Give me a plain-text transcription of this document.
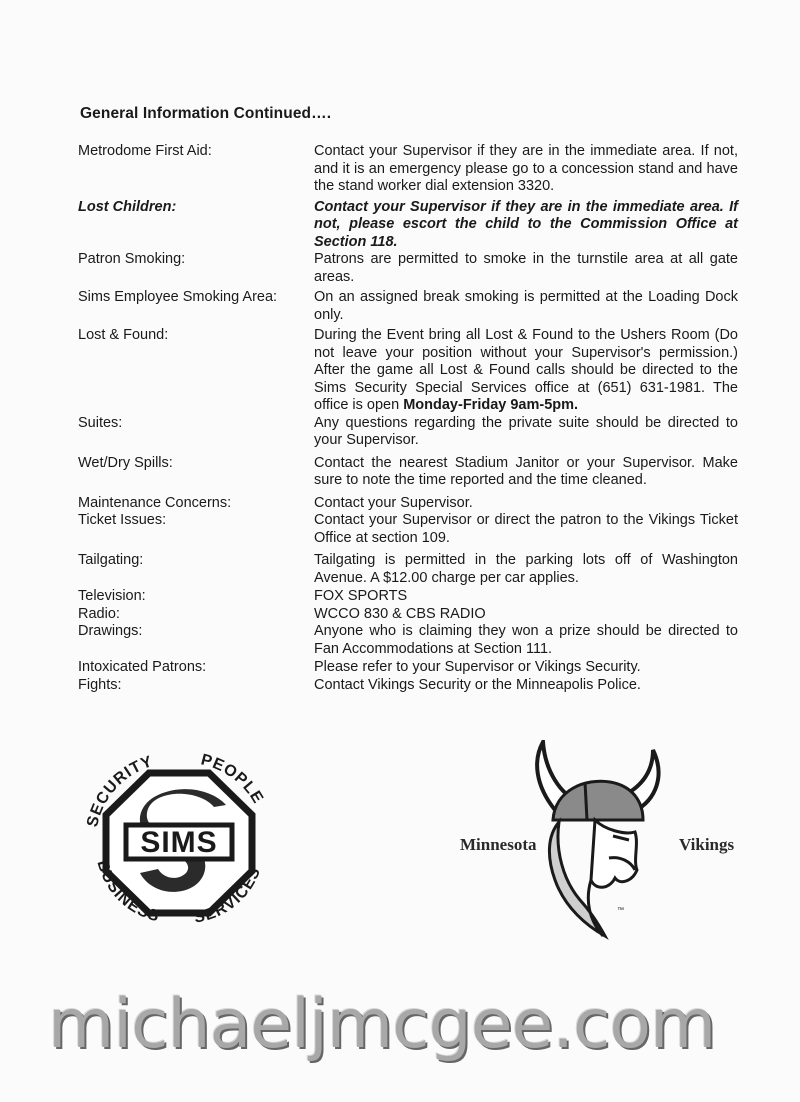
General Information Continued….
Metrodome First Aid:	Contact your Supervisor if they are in the immediate area. If not, and it is an emergency please go to a concession stand and have the stand worker dial extension 3320.
Lost Children:	Contact your Supervisor if they are in the immediate area. If not, please escort the child to the Commission Office at Section 118.
Patron Smoking:	Patrons are permitted to smoke in the turnstile area at all gate areas.
Sims Employee Smoking Area:	On an assigned break smoking is permitted at the Loading Dock only.
Lost & Found:	During the Event bring all Lost & Found to the Ushers Room (Do not leave your position without your Supervisor's permission.) After the game all Lost & Found calls should be directed to the Sims Security Special Services office at (651) 631-1981. The office is open Monday-Friday 9am-5pm.
Suites:	Any questions regarding the private suite should be directed to your Supervisor.
Wet/Dry Spills:	Contact the nearest Stadium Janitor or your Supervisor. Make sure to note the time reported and the time cleaned.
Maintenance Concerns:	Contact your Supervisor.
Ticket Issues:	Contact your Supervisor or direct the patron to the Vikings Ticket Office at section 109.
Tailgating:	Tailgating is permitted in the parking lots off of Washington Avenue. A $12.00 charge per car applies.
Television:	FOX SPORTS
Radio:	WCCO 830 & CBS RADIO
Drawings:	Anyone who is claiming they won a prize should be directed to Fan Accommodations at Section 111.
Intoxicated Patrons:	Please refer to your Supervisor or Vikings Security.
Fights:	Contact Vikings Security or the Minneapolis Police.
SIMS
SECURITY	PEOPLE
BUSINESS SERVICES
Minnesota
™
Vikings
michaeljmcgee.com
